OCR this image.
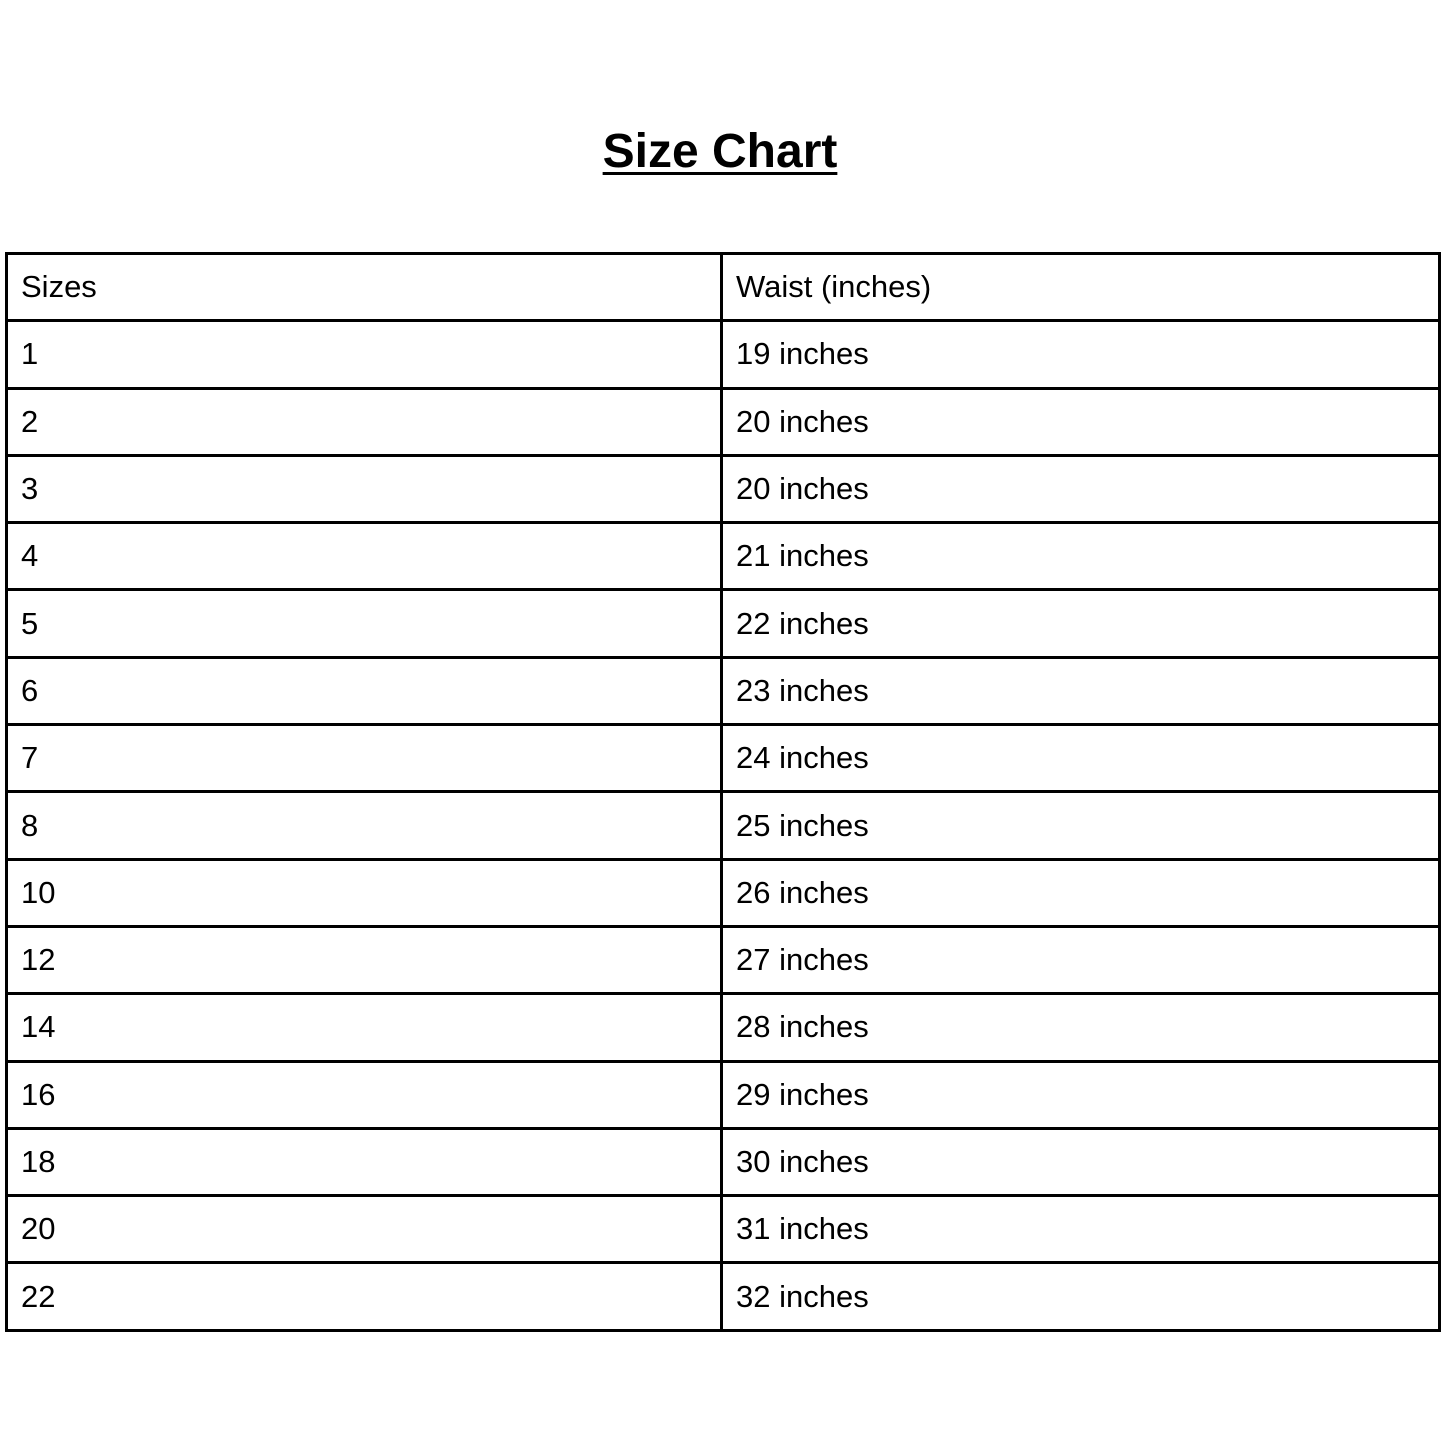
Size Chart
Sizes	Waist (inches)
1	19 inches
2	20 inches
3	20 inches
4	21 inches
5	22 inches
6	23 inches
7	24 inches
8	25 inches
10	26 inches
12	27 inches
14	28 inches
16	29 inches
18	30 inches
20	31 inches
22	32 inches
